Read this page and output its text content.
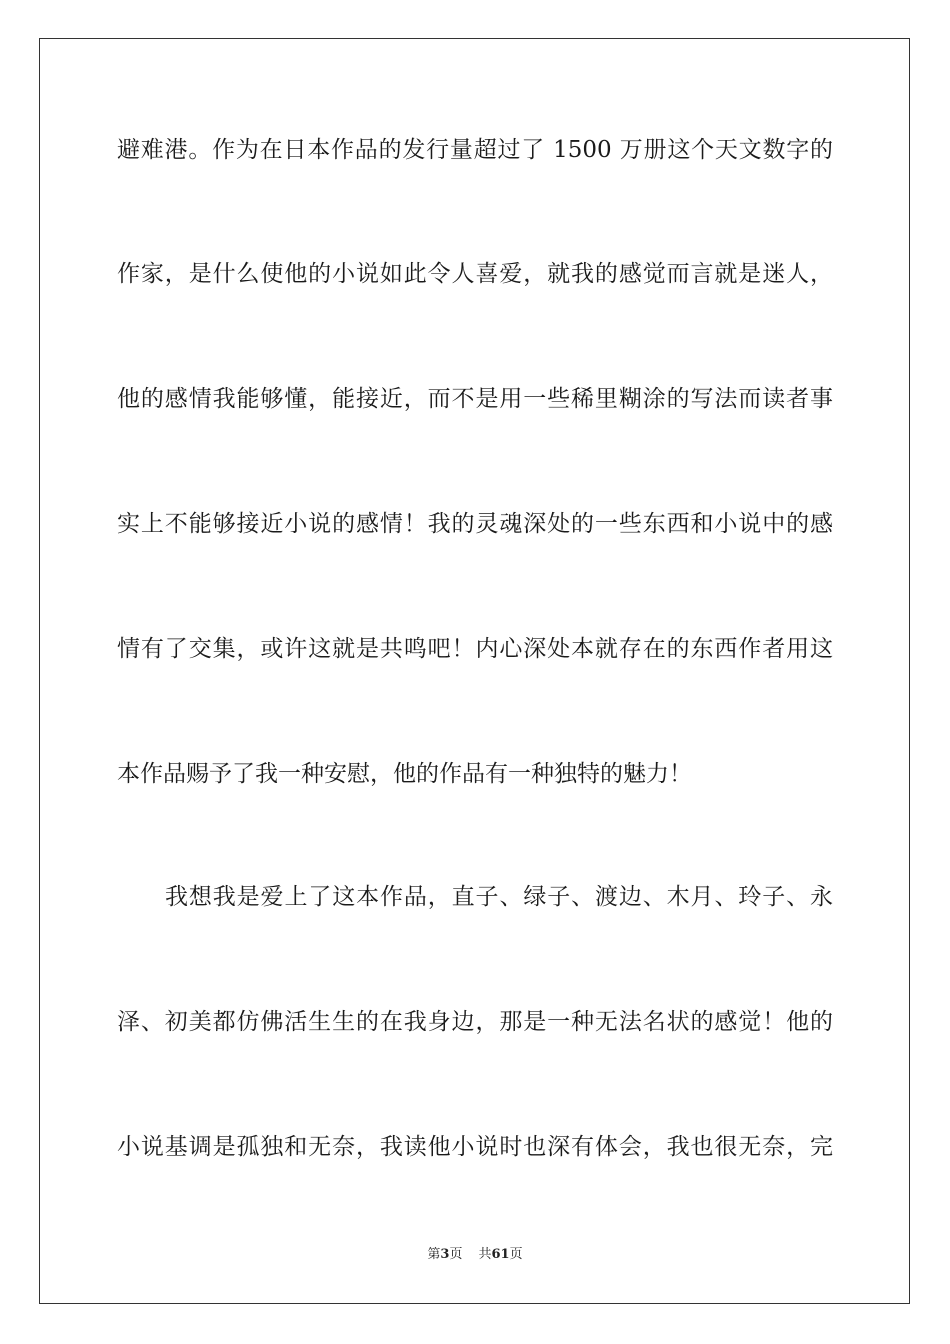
避难港。作为在日本作品的发行量超过了 1500 万册这个天文数字的
作家，是什么使他的小说如此令人喜爱，就我的感觉而言就是迷人，
他的感情我能够懂，能接近，而不是用一些稀里糊涂的写法而读者事
实上不能够接近小说的感情！我的灵魂深处的一些东西和小说中的感
情有了交集，或许这就是共鸣吧！内心深处本就存在的东西作者用这
本作品赐予了我一种安慰，他的作品有一种独特的魅力！
我想我是爱上了这本作品，直子、绿子、渡边、木月、玲子、永
泽、初美都仿佛活生生的在我身边，那是一种无法名状的感觉！他的
小说基调是孤独和无奈，我读他小说时也深有体会，我也很无奈，完
第3页 共61页
